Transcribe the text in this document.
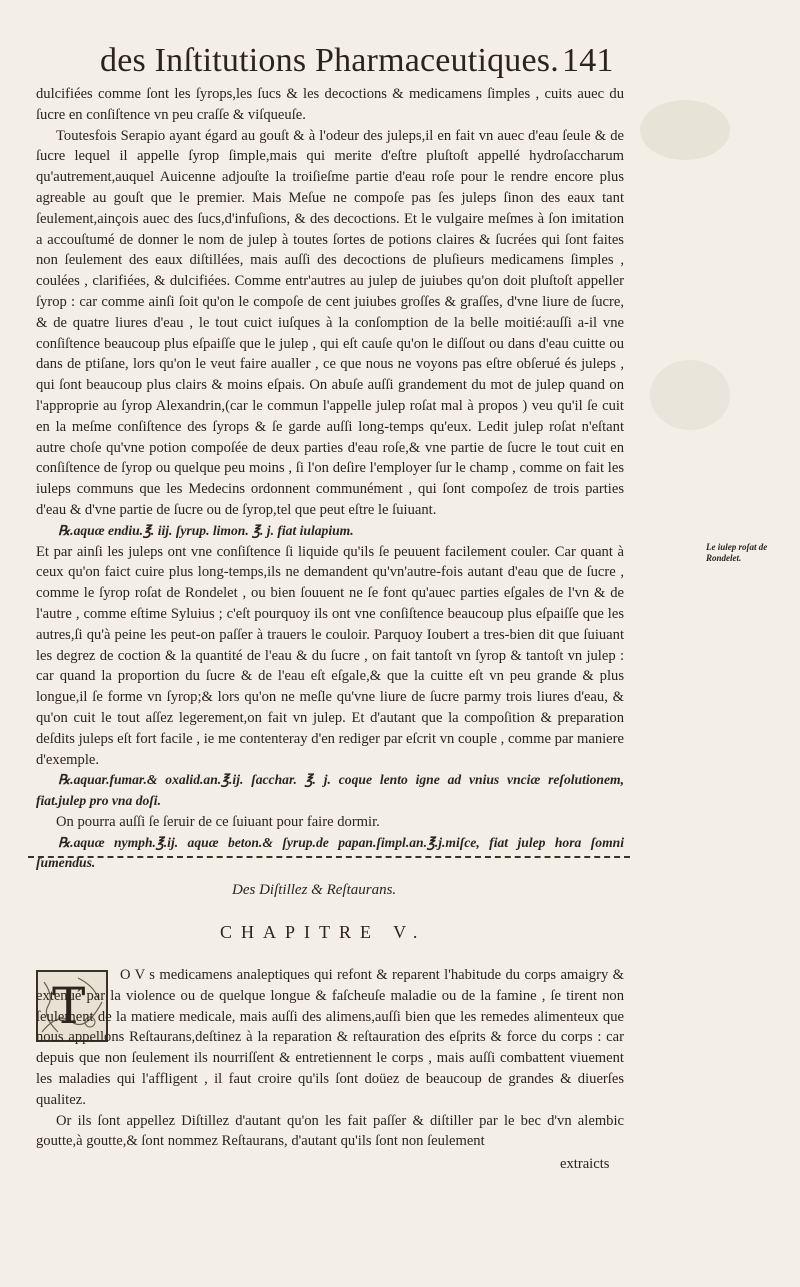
des Inſtitutions Pharmaceutiques. 141

dulcifiées comme ſont les ſyrops,les ſucs & les decoctions & medicamens ſimples , cuits auec du ſucre en conſiſtence vn peu craſſe & viſqueuſe.

Toutesfois Serapio ayant égard au gouſt & à l'odeur des juleps,il en fait vn auec d'eau ſeule & de ſucre lequel il appelle ſyrop ſimple,mais qui merite d'eſtre pluſtoſt appellé hydroſaccharum qu'autrement,auquel Auicenne adjouſte la troiſieſme partie d'eau roſe pour le rendre encore plus agreable au gouſt que le premier. Mais Meſue ne compoſe pas ſes juleps ſinon des eaux tant ſeulement,ainçois auec des ſucs,d'infuſions, & des decoctions. Et le vulgaire meſmes à ſon imitation a accouſtumé de donner le nom de julep à toutes ſortes de potions claires & ſucrées qui ſont faites non ſeulement des eaux diſtillées, mais auſſi des decoctions de pluſieurs medicamens ſimples , coulées , clarifiées, & dulcifiées. Comme entr'autres au julep de juiubes qu'on doit pluſtoſt appeller ſyrop : car comme ainſi ſoit qu'on le compoſe de cent juiubes groſſes & graſſes, d'vne liure de ſucre, & de quatre liures d'eau , le tout cuict iuſques à la conſomption de la belle moitié:auſſi a-il vne conſiſtence beaucoup plus eſpaiſſe que le julep , qui eſt cauſe qu'on le diſſout ou dans d'eau cuitte ou dans de ptiſane, lors qu'on le veut faire aualler , ce que nous ne voyons pas eſtre obſerué és juleps , qui ſont beaucoup plus clairs & moins eſpais. On abuſe auſſi grandement du mot de julep quand on l'approprie au ſyrop Alexandrin,(car le commun l'appelle julep roſat mal à propos ) veu qu'il ſe cuit en la meſme conſiſtence des ſyrops & ſe garde auſſi long-temps qu'eux. Ledit julep roſat n'eſtant autre choſe qu'vne potion compoſée de deux parties d'eau roſe,& vne partie de ſucre le tout cuit en conſiſtence de ſyrop ou quelque peu moins , ſi l'on deſire l'employer ſur le champ , comme on fait les iuleps communs que les Medecins ordonnent communément , qui ſont compoſez de trois parties d'eau & d'vne partie de ſucre ou de ſyrop,tel que peut eſtre le ſuiuant.

℞.aquæ endiu.℥. iij. ſyrup. limon. ℥. j. fiat iulapium.

Et par ainſi les juleps ont vne conſiſtence ſi liquide qu'ils ſe peuuent facilement couler. Car quant à ceux qu'on faict cuire plus long-temps,ils ne demandent qu'vn'autre-fois autant d'eau que de ſucre , comme le ſyrop roſat de Rondelet , ou bien ſouuent ne ſe font qu'auec parties eſgales de l'vn & de l'autre , comme eſtime Syluius ; c'eſt pourquoy ils ont vne conſiſtence beaucoup plus eſpaiſſe que les autres,ſi qu'à peine les peut-on paſſer à trauers le couloir. Parquoy Ioubert a tres-bien dit que ſuiuant les degrez de coction & la quantité de l'eau & du ſucre , on fait tantoſt vn ſyrop & tantoſt vn julep : car quand la proportion du ſucre & de l'eau eſt eſgale,& que la cuitte eſt vn peu grande & plus longue,il ſe forme vn ſyrop;& lors qu'on ne meſle qu'vne liure de ſucre parmy trois liures d'eau, & qu'on cuit le tout aſſez legerement,on fait vn julep. Et d'autant que la compoſition & preparation deſdits juleps eſt fort facile , ie me contenteray d'en rediger par eſcrit vn couple , comme par maniere d'exemple.

℞.aquar.fumar.& oxalid.an.℥.ij. ſacchar. ℥. j. coque lento igne ad vnius vnciæ reſolutionem, fiat.julep pro vna doſi.

On pourra auſſi ſe ſeruir de ce ſuiuant pour faire dormir.

℞.aquæ nymph.℥.ij. aquæ beton.& ſyrup.de papan.ſimpl.an.℥.j.miſce, fiat julep hora ſomni ſumendus.

Le iulep roſat de Rondelet.
Des Diſtillez & Reſtaurans.
CHAPITRE V.
T

O V s medicamens analeptiques qui refont & reparent l'habitude du corps amaigry & extenué par la violence ou de quelque longue & faſcheuſe maladie ou de la famine , ſe tirent non ſeulement de la matiere medicale, mais auſſi des alimens,auſſi bien que les remedes alimenteux que nous appellons Reſtaurans,deſtinez à la reparation & reſtauration des eſprits & force du corps : car depuis que non ſeulement ils nourriſſent & entretiennent le corps , mais auſſi combattent viuement les maladies qui l'affligent , il faut croire qu'ils ſont doüez de beaucoup de grandes & diuerſes qualitez.

Or ils ſont appellez Diſtillez d'autant qu'on les fait paſſer & diſtiller par le bec d'vn alembic goutte,à goutte,& ſont nommez Reſtaurans, d'autant qu'ils ſont non ſeulement

extraicts
